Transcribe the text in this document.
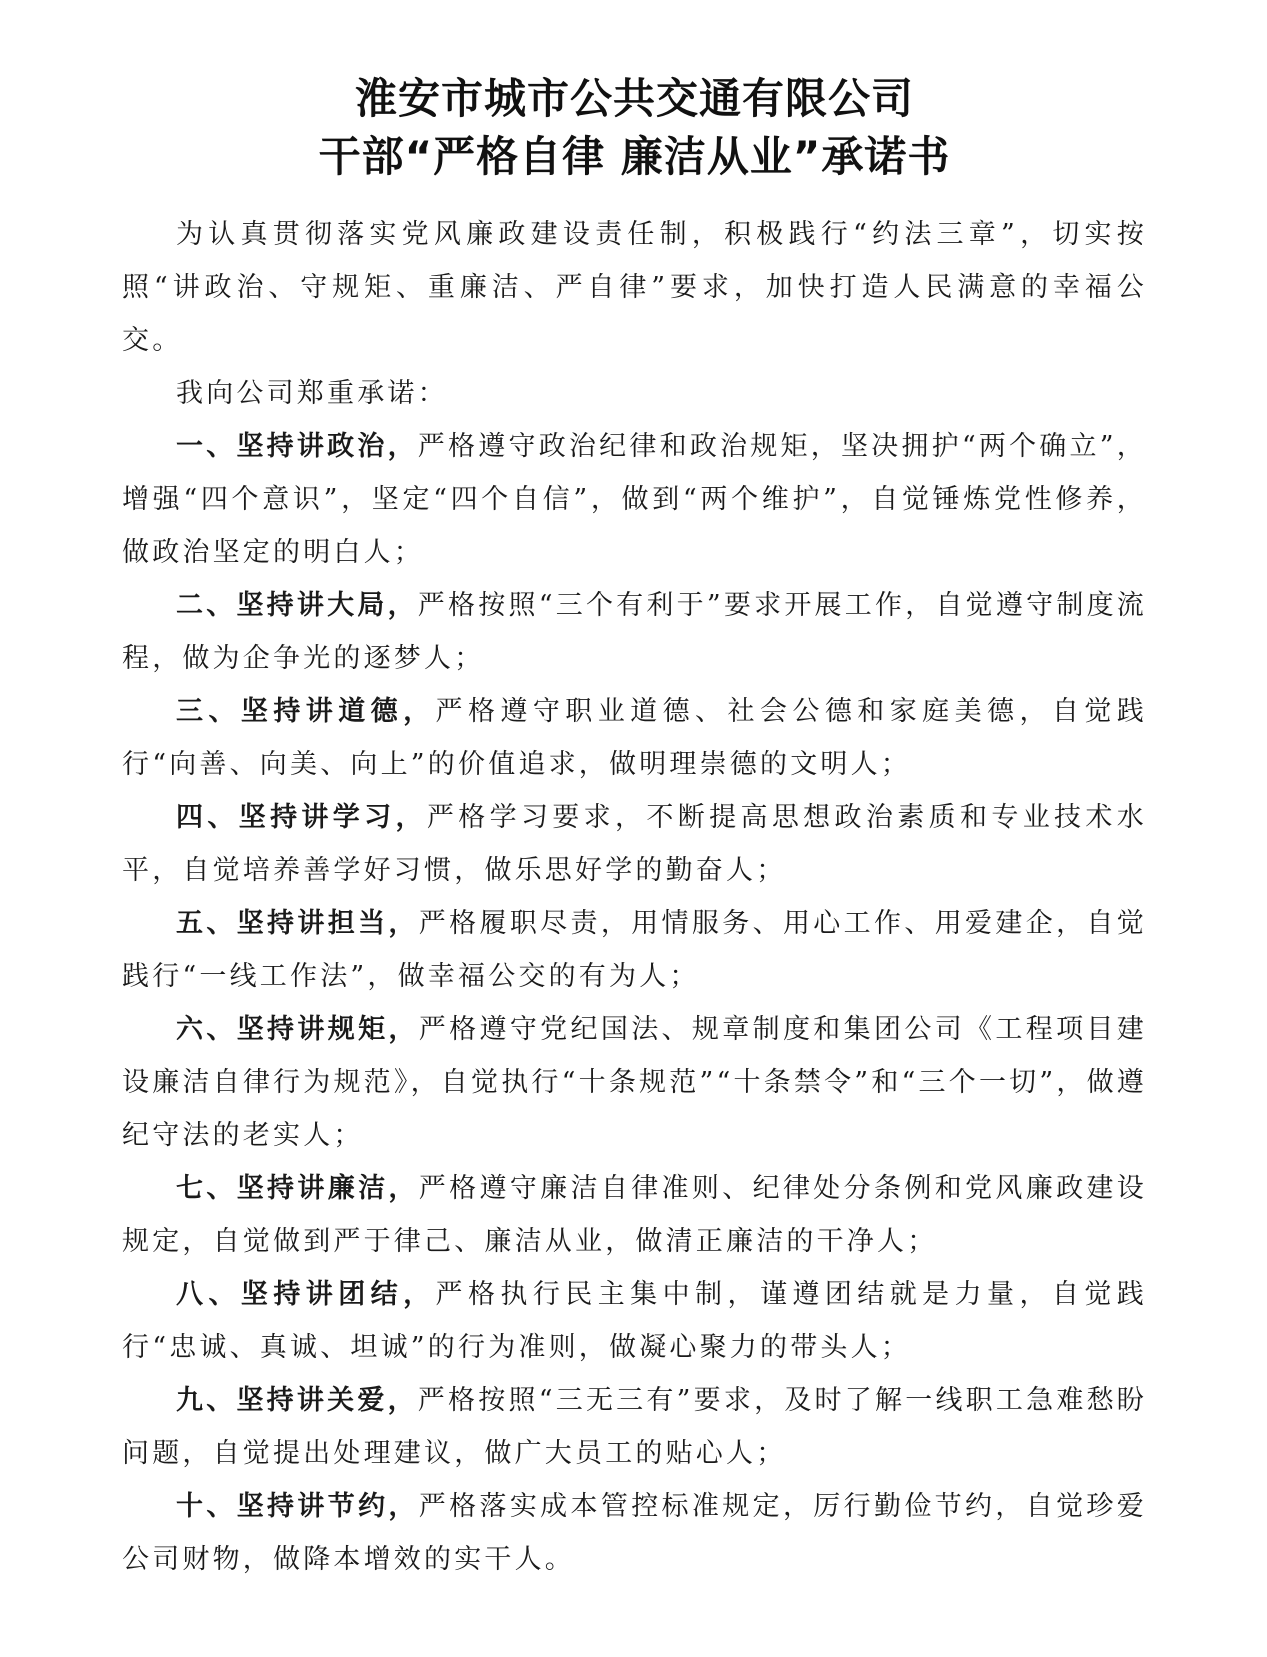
淮安市城市公共交通有限公司
干部“严格自律 廉洁从业”承诺书

为认真贯彻落实党风廉政建设责任制，积极践行“约法三章”，切实按照“讲政治、守规矩、重廉洁、严自律”要求，加快打造人民满意的幸福公交。

我向公司郑重承诺：

一、坚持讲政治，严格遵守政治纪律和政治规矩，坚决拥护“两个确立”，增强“四个意识”，坚定“四个自信”，做到“两个维护”，自觉锤炼党性修养，做政治坚定的明白人；

二、坚持讲大局，严格按照“三个有利于”要求开展工作，自觉遵守制度流程，做为企争光的逐梦人；

三、坚持讲道德，严格遵守职业道德、社会公德和家庭美德，自觉践行“向善、向美、向上”的价值追求，做明理崇德的文明人；

四、坚持讲学习，严格学习要求，不断提高思想政治素质和专业技术水平，自觉培养善学好习惯，做乐思好学的勤奋人；

五、坚持讲担当，严格履职尽责，用情服务、用心工作、用爱建企，自觉践行“一线工作法”，做幸福公交的有为人；

六、坚持讲规矩，严格遵守党纪国法、规章制度和集团公司《工程项目建设廉洁自律行为规范》，自觉执行“十条规范”“十条禁令”和“三个一切”，做遵纪守法的老实人；

七、坚持讲廉洁，严格遵守廉洁自律准则、纪律处分条例和党风廉政建设规定，自觉做到严于律己、廉洁从业，做清正廉洁的干净人；

八、坚持讲团结，严格执行民主集中制，谨遵团结就是力量，自觉践行“忠诚、真诚、坦诚”的行为准则，做凝心聚力的带头人；

九、坚持讲关爱，严格按照“三无三有”要求，及时了解一线职工急难愁盼问题，自觉提出处理建议，做广大员工的贴心人；

十、坚持讲节约，严格落实成本管控标准规定，厉行勤俭节约，自觉珍爱公司财物，做降本增效的实干人。
